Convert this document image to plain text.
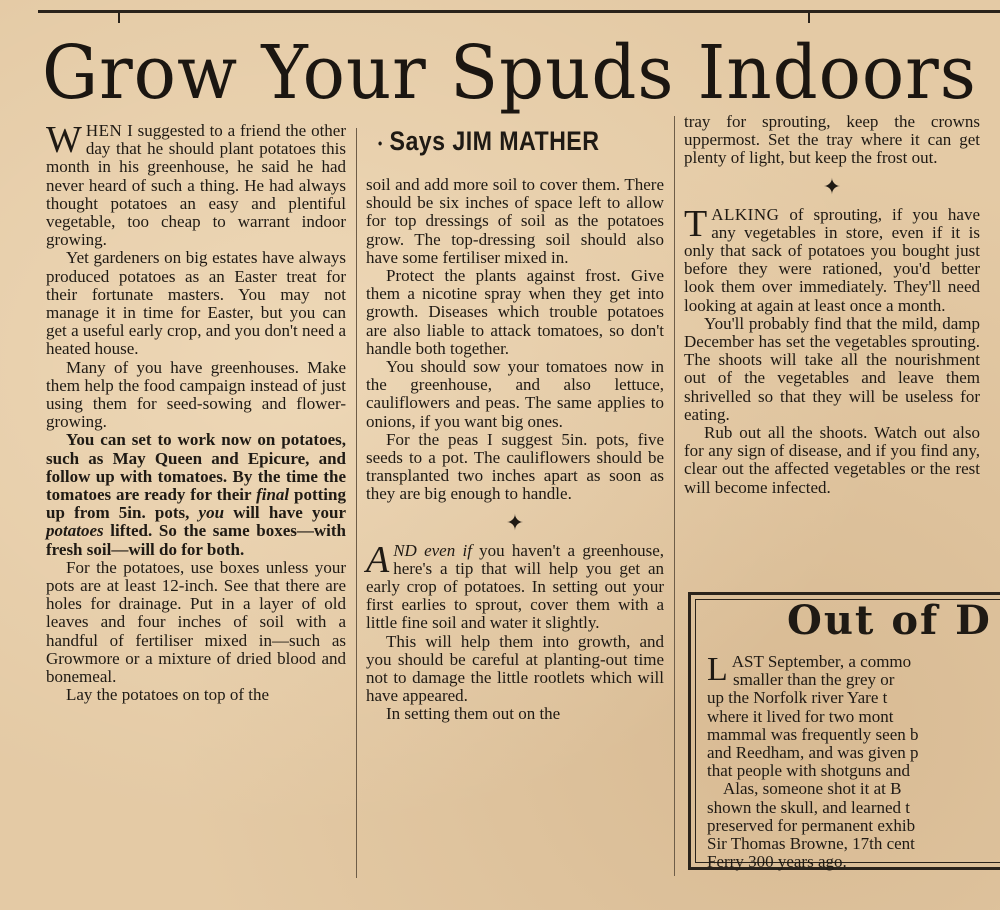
Grow Your Spuds Indoors
• Says JIM MATHER

WHEN I suggested to a friend the other day that he should plant potatoes this month in his greenhouse, he said he had never heard of such a thing. He had always thought potatoes an easy and plentiful vegetable, too cheap to warrant indoor growing.

Yet gardeners on big estates have always produced potatoes as an Easter treat for their fortunate masters. You may not manage it in time for Easter, but you can get a useful early crop, and you don't need a heated house.

Many of you have greenhouses. Make them help the food campaign instead of just using them for seed-sowing and flower-growing.

You can set to work now on potatoes, such as May Queen and Epicure, and follow up with tomatoes. By the time the tomatoes are ready for their final potting up from 5in. pots, you will have your potatoes lifted. So the same boxes—with fresh soil—will do for both.

For the potatoes, use boxes unless your pots are at least 12-inch. See that there are holes for drainage. Put in a layer of old leaves and four inches of soil with a handful of fertiliser mixed in—such as Growmore or a mixture of dried blood and bonemeal.

Lay the potatoes on top of the

soil and add more soil to cover them. There should be six inches of space left to allow for top dressings of soil as the potatoes grow. The top-dressing soil should also have some fertiliser mixed in.

Protect the plants against frost. Give them a nicotine spray when they get into growth. Diseases which trouble potatoes are also liable to attack tomatoes, so don't handle both together.

You should sow your tomatoes now in the greenhouse, and also lettuce, cauliflowers and peas. The same applies to onions, if you want big ones.

For the peas I suggest 5in. pots, five seeds to a pot. The cauliflowers should be transplanted two inches apart as soon as they are big enough to handle.

✦

AND even if you haven't a greenhouse, here's a tip that will help you get an early crop of potatoes. In setting out your first earlies to sprout, cover them with a little fine soil and water it slightly.

This will help them into growth, and you should be careful at planting-out time not to damage the little rootlets which will have appeared.

In setting them out on the

tray for sprouting, keep the crowns uppermost. Set the tray where it can get plenty of light, but keep the frost out.

✦

TALKING of sprouting, if you have any vegetables in store, even if it is only that sack of potatoes you bought just before they were rationed, you'd better look them over immediately. They'll need looking at again at least once a month.

You'll probably find that the mild, damp December has set the vegetables sprouting. The shoots will take all the nourishment out of the vegetables and leave them shrivelled so that they will be useless for eating.

Rub out all the shoots. Watch out also for any sign of disease, and if you find any, clear out the affected vegetables or the rest will become infected.

Out of D

LAST September, a commo

smaller than the grey or

up the Norfolk river Yare t

where it lived for two mont

mammal was frequently seen b

and Reedham, and was given p

that people with shotguns and

Alas, someone shot it at B

shown the skull, and learned t

preserved for permanent exhib

Sir Thomas Browne, 17th cent

Ferry 300 years ago.
